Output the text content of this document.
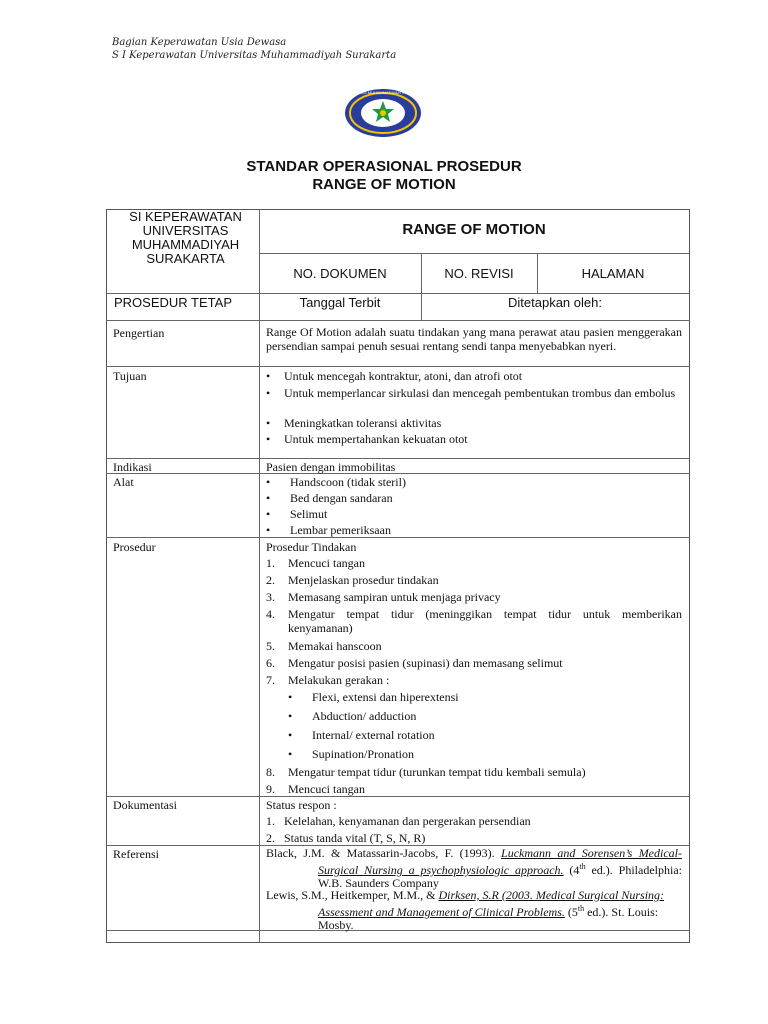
Bagian Keperawatan Usia Dewasa
S I Keperawatan Universitas Muhammadiyah Surakarta
UNIVERSITAS MUHAMMADIYAH SURAKARTA
STANDAR OPERASIONAL PROSEDUR
RANGE OF MOTION
SI KEPERAWATAN
UNIVERSITAS
MUHAMMADIYAH
SURAKARTA
RANGE OF MOTION
NO. DOKUMEN	NO. REVISI	HALAMAN
PROSEDUR TETAP	Tanggal Terbit	Ditetapkan oleh:
Pengertian	Range Of Motion adalah suatu tindakan yang mana perawat atau pasien menggerakan persendian sampai penuh sesuai rentang sendi tanpa menyebabkan nyeri.
Tujuan	• Untuk mencegah kontraktur, atoni, dan atrofi otot
• Untuk memperlancar sirkulasi dan mencegah pembentukan trombus dan embolus
• Meningkatkan toleransi aktivitas
• Untuk mempertahankan kekuatan otot
Indikasi	Pasien dengan immobilitas
Alat	• Handscoon (tidak steril)
• Bed dengan sandaran
• Selimut
• Lembar pemeriksaan
Prosedur	Prosedur Tindakan
1. Mencuci tangan
2. Menjelaskan prosedur tindakan
3. Memasang sampiran untuk menjaga privacy
4. Mengatur tempat tidur (meninggikan tempat tidur untuk memberikan kenyamanan)
5. Memakai hanscoon
6. Mengatur posisi pasien (supinasi) dan memasang selimut
7. Melakukan gerakan :
• Flexi, extensi dan hiperextensi
• Abduction/ adduction
• Internal/ external rotation
• Supination/Pronation
8. Mengatur tempat tidur (turunkan tempat tidu kembali semula)
9. Mencuci tangan
Dokumentasi	Status respon :
1. Kelelahan, kenyamanan dan pergerakan persendian
2. Status tanda vital (T, S, N, R)
Referensi	Black, J.M. & Matassarin-Jacobs, F. (1993). Luckmann and Sorensen’s Medical-Surgical Nursing a psychophysiologic approach. (4th ed.). Philadelphia: W.B. Saunders Company
Lewis, S.M., Heitkemper, M.M., & Dirksen, S.R (2003. Medical Surgical Nursing: Assessment and Management of Clinical Problems. (5th ed.). St. Louis: Mosby.
